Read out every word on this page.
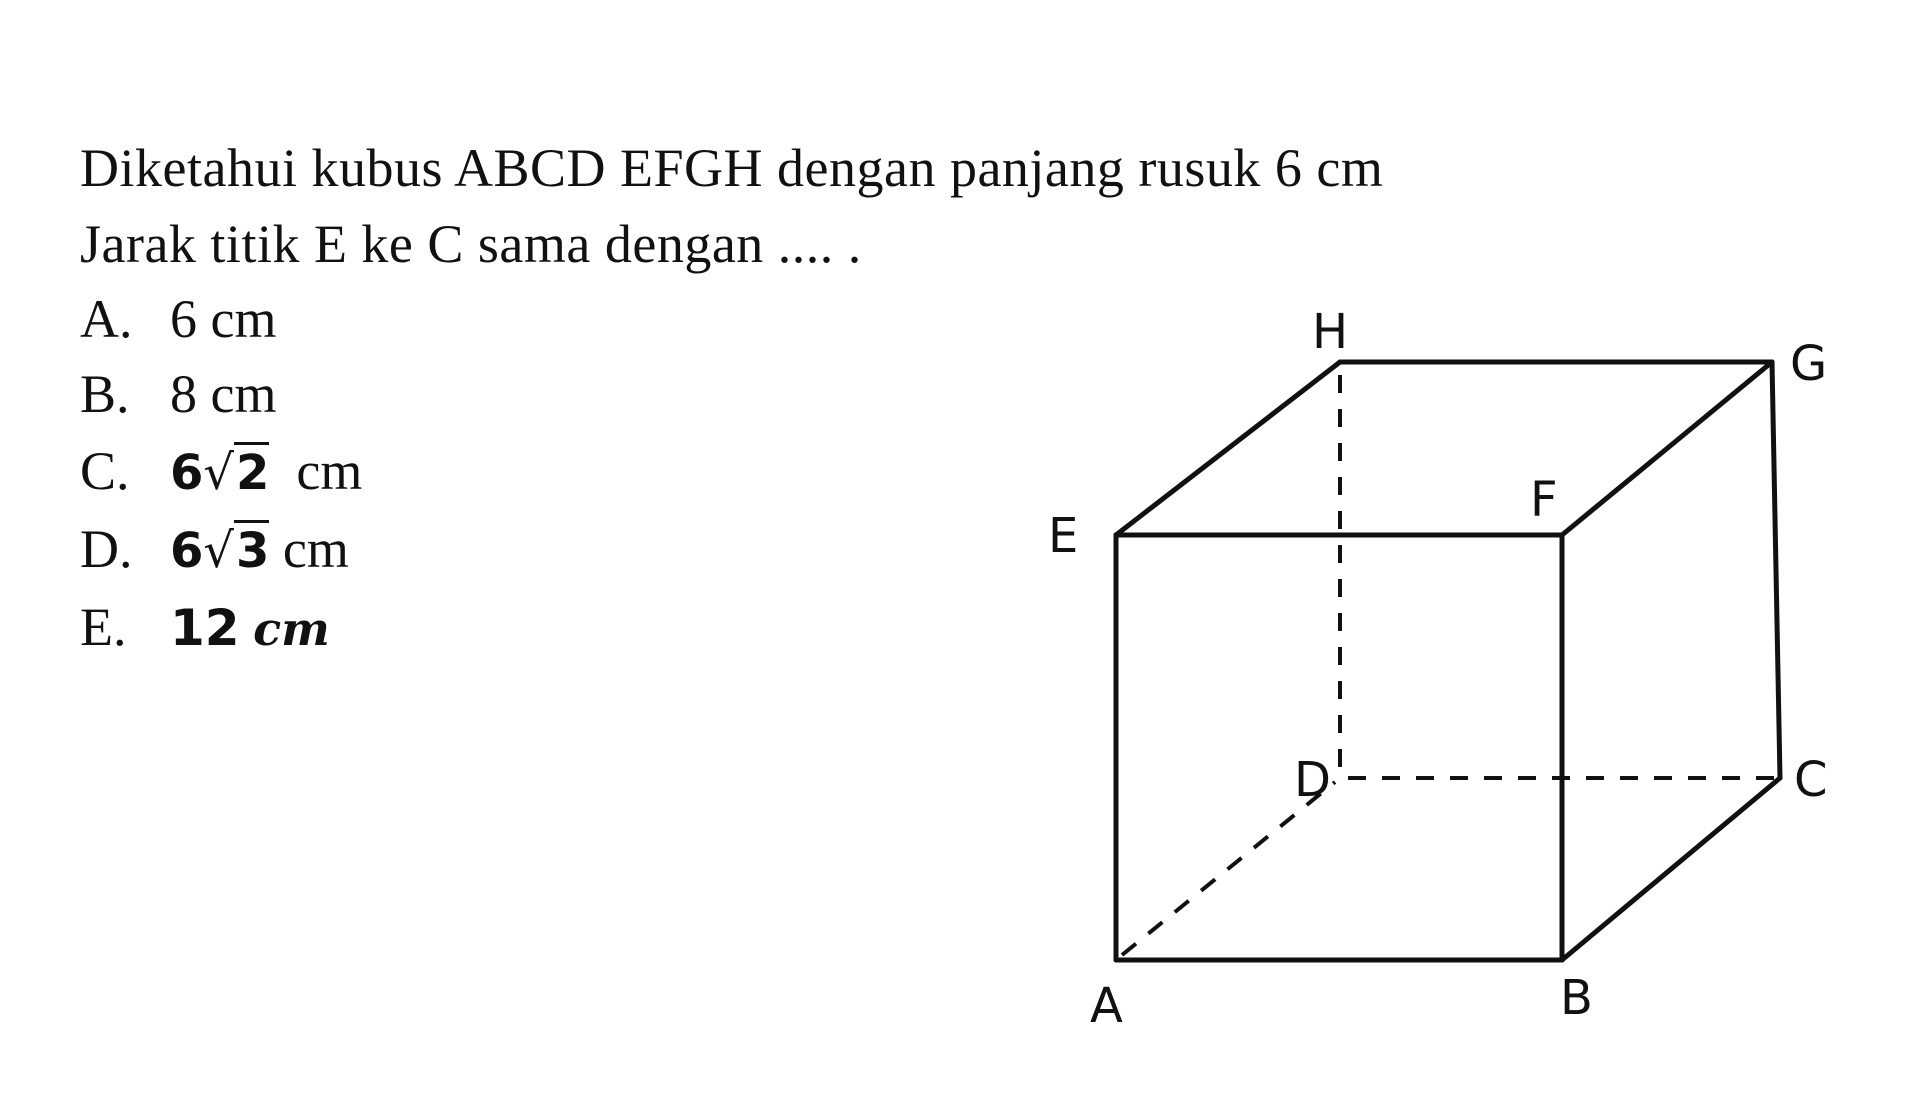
Diketahui kubus ABCD EFGH dengan panjang rusuk 6 cm
Jarak titik E ke C sama dengan .... .
A. 6 cm
B. 8 cm
C. 6√2 cm
D. 6√3 cm
E. 12 cm
E
F
H
G
D	C
A	B
